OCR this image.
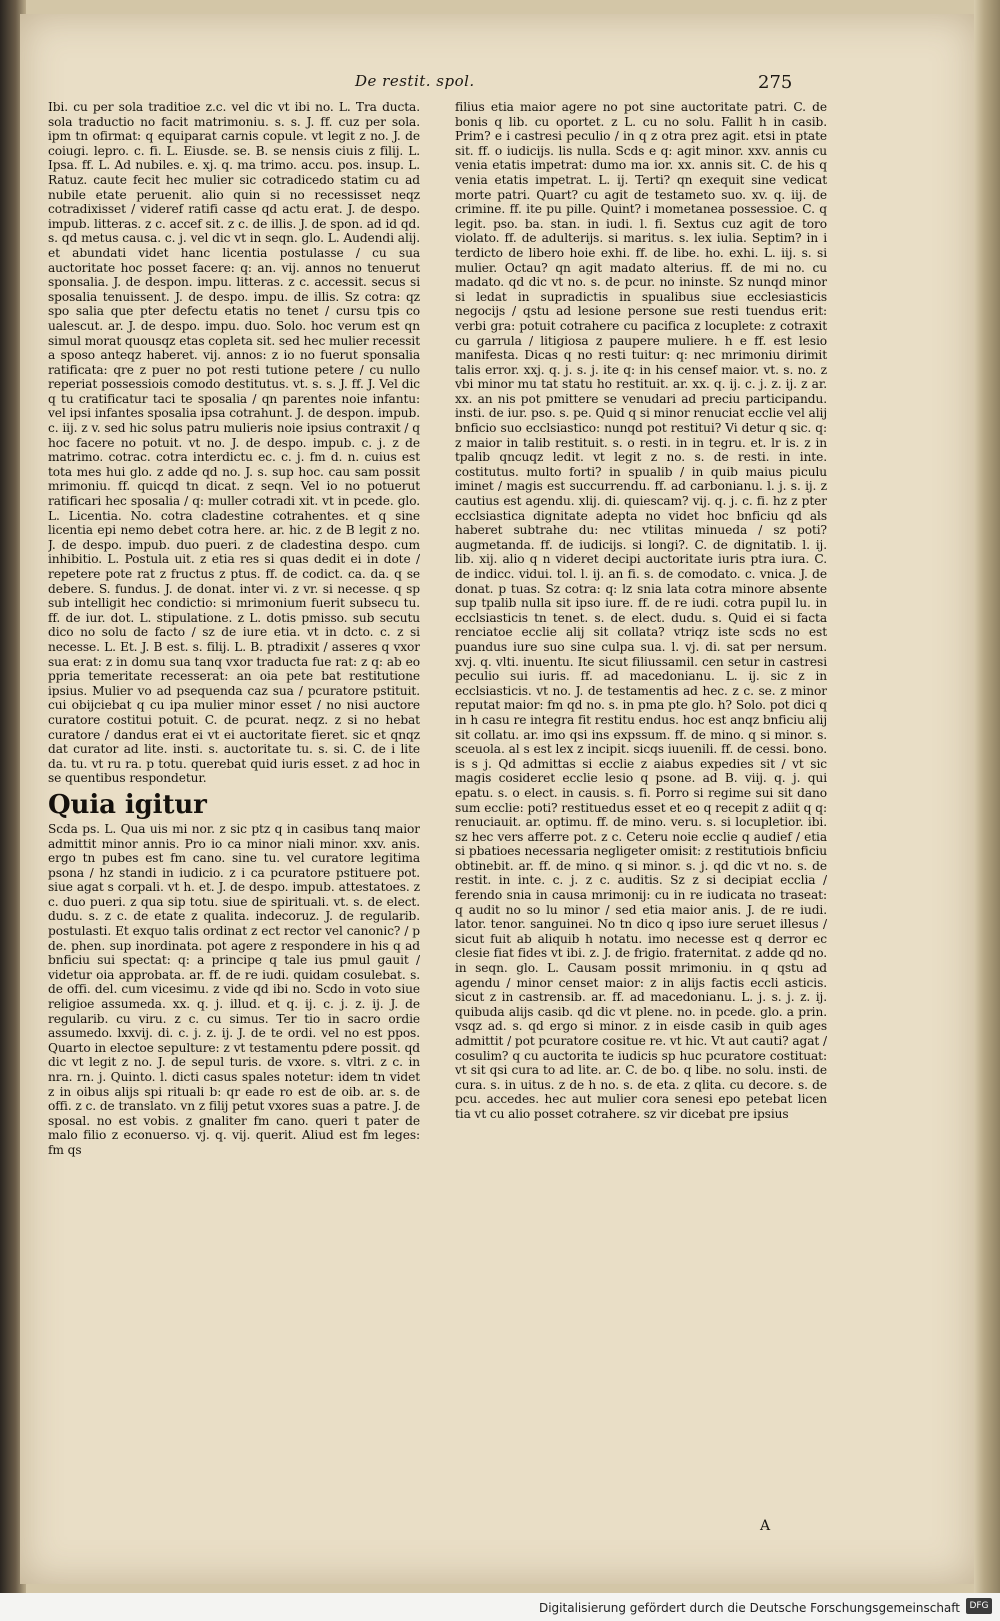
De restit. spol.	275

Ibi. cu per sola traditioe z.c. vel dic vt ibi no. L. Tra ducta. sola traductio no facit matrimoniu. s. s. J. ff. cuz per sola. ipm tn ofirmat: q equiparat carnis copule. vt legit z no. J. de coiugi. lepro. c. fi. L. Eiusde. se. B. se nensis ciuis z filij. L. Ipsa. ff. L. Ad nubiles. e. xj. q. ma trimo. accu. pos. insup. L. Ratuz. caute fecit hec mulier sic cotradicedo statim cu ad nubile etate peruenit. alio quin si no recessisset neqz cotradixisset / videref ratifi casse qd actu erat. J. de despo. impub. litteras. z c. accef sit. z c. de illis. J. de spon. ad id qd. s. qd metus causa. c. j. vel dic vt in seqn. glo. L. Audendi alij. et abundati videt hanc licentia postulasse / cu sua auctoritate hoc posset facere: q: an. vij. annos no tenuerut sponsalia. J. de despon. impu. litteras. z c. accessit. secus si sposalia tenuissent. J. de despo. impu. de illis. Sz cotra: qz spo salia que pter defectu etatis no tenet / cursu tpis co ualescut. ar. J. de despo. impu. duo. Solo. hoc verum est qn simul morat quousqz etas copleta sit. sed hec mulier recessit a sposo anteqz haberet. vij. annos: z io no fuerut sponsalia ratificata: qre z puer no pot resti tutione petere / cu nullo reperiat possessiois comodo destitutus. vt. s. s. J. ff. J. Vel dic q tu cratificatur taci te sposalia / qn parentes noie infantu: vel ipsi infantes sposalia ipsa cotrahunt. J. de despon. impub. c. iij. z v. sed hic solus patru mulieris noie ipsius contraxit / q hoc facere no potuit. vt no. J. de despo. impub. c. j. z de matrimo. cotrac. cotra interdictu ec. c. j. fm d. n. cuius est tota mes hui glo. z adde qd no. J. s. sup hoc. cau sam possit mrimoniu. ff. quicqd tn dicat. z seqn. Vel io no potuerut ratificari hec sposalia / q: muller cotradi xit. vt in pcede. glo. L. Licentia. No. cotra cladestine cotrahentes. et q sine licentia epi nemo debet cotra here. ar. hic. z de B legit z no. J. de despo. impub. duo pueri. z de cladestina despo. cum inhibitio. L. Postula uit. z etia res si quas dedit ei in dote / repetere pote rat z fructus z ptus. ff. de codict. ca. da. q se debere. S. fundus. J. de donat. inter vi. z vr. si necesse. q sp sub intelligit hec condictio: si mrimonium fuerit subsecu tu. ff. de iur. dot. L. stipulatione. z L. dotis pmisso. sub secutu dico no solu de facto / sz de iure etia. vt in dcto. c. z si necesse. L. Et. J. B est. s. filij. L. B. ptradixit / asseres q vxor sua erat: z in domu sua tanq vxor traducta fue rat: z q: ab eo ppria temeritate recesserat: an oia pete bat restitutione ipsius. Mulier vo ad psequenda caz sua / pcuratore pstituit. cui obijciebat q cu ipa mulier minor esset / no nisi auctore curatore costitui potuit. C. de pcurat. neqz. z si no hebat curatore / dandus erat ei vt ei auctoritate fieret. sic et qnqz dat curator ad lite. insti. s. auctoritate tu. s. si. C. de i lite da. tu. vt ru ra. p totu. querebat quid iuris esset. z ad hoc in se quentibus respondetur.

Quia igitur

Scda ps. L. Qua uis mi nor. z sic ptz q in casibus tanq maior admittit minor annis. Pro io ca minor niali minor. xxv. anis. ergo tn pubes est fm cano. sine tu. vel curatore legitima psona / hz standi in iudicio. z i ca pcuratore pstituere pot. siue agat s corpali. vt h. et. J. de despo. impub. attestatoes. z c. duo pueri. z qua sip totu. siue de spirituali. vt. s. de elect. dudu. s. z c. de etate z qualita. indecoruz. J. de regularib. postulasti. Et exquo talis ordinat z ect rector vel canonic? / p de. phen. sup inordinata. pot agere z respondere in his q ad bnficiu sui spectat: q: a principe q tale ius pmul gauit / videtur oia approbata. ar. ff. de re iudi. quidam cosulebat. s. de offi. del. cum vicesimu. z vide qd ibi no. Scdo in voto siue religioe assumeda. xx. q. j. illud. et q. ij. c. j. z. ij. J. de regularib. cu viru. z c. cu simus. Ter tio in sacro ordie assumedo. lxxvij. di. c. j. z. ij. J. de te ordi. vel no est ppos. Quarto in electoe sepulture: z vt testamentu pdere possit. qd dic vt legit z no. J. de sepul turis. de vxore. s. vltri. z c. in nra. rn. j. Quinto. l. dicti casus spales notetur: idem tn videt z in oibus alijs spi rituali b: qr eade ro est de oib. ar. s. de offi. z c. de translato. vn z filij petut vxores suas a patre. J. de sposal. no est vobis. z gnaliter fm cano. queri t pater de malo filio z econuerso. vj. q. vij. querit. Aliud est fm leges: fm qs

filius etia maior agere no pot sine auctoritate patri. C. de bonis q lib. cu oportet. z L. cu no solu. Fallit h in casib. Prim? e i castresi peculio / in q z otra prez agit. etsi in ptate sit. ff. o iudicijs. lis nulla. Scds e q: agit minor. xxv. annis cu venia etatis impetrat: dumo ma ior. xx. annis sit. C. de his q venia etatis impetrat. L. ij. Terti? qn exequit sine vedicat morte patri. Quart? cu agit de testameto suo. xv. q. iij. de crimine. ff. ite pu pille. Quint? i mometanea possessioe. C. q legit. pso. ba. stan. in iudi. l. fi. Sextus cuz agit de toro violato. ff. de adulterijs. si maritus. s. lex iulia. Septim? in i terdicto de libero hoie exhi. ff. de libe. ho. exhi. L. iij. s. si mulier. Octau? qn agit madato alterius. ff. de mi no. cu madato. qd dic vt no. s. de pcur. no ininste. Sz nunqd minor si ledat in supradictis in spualibus siue ecclesiasticis negocijs / qstu ad lesione persone sue resti tuendus erit: verbi gra: potuit cotrahere cu pacifica z locuplete: z cotraxit cu garrula / litigiosa z paupere muliere. h e ff. est lesio manifesta. Dicas q no resti tuitur: q: nec mrimoniu dirimit talis error. xxj. q. j. s. j. ite q: in his censef maior. vt. s. no. z vbi minor mu tat statu ho restituit. ar. xx. q. ij. c. j. z. ij. z ar. xx. an nis pot pmittere se venudari ad preciu participandu. insti. de iur. pso. s. pe. Quid q si minor renuciat ecclie vel alij bnficio suo ecclsiastico: nunqd pot restitui? Vi detur q sic. q: z maior in talib restituit. s. o resti. in in tegru. et. lr is. z in tpalib qncuqz ledit. vt legit z no. s. de resti. in inte. costitutus. multo forti? in spualib / in quib maius piculu iminet / magis est succurrendu. ff. ad carbonianu. l. j. s. ij. z cautius est agendu. xlij. di. quiescam? vij. q. j. c. fi. hz z pter ecclsiastica dignitate adepta no videt hoc bnficiu qd als haberet subtrahe du: nec vtilitas minueda / sz poti? augmetanda. ff. de iudicijs. si longi?. C. de dignitatib. l. ij. lib. xij. alio q n videret decipi auctoritate iuris ptra iura. C. de indicc. vidui. tol. l. ij. an fi. s. de comodato. c. vnica. J. de donat. p tuas. Sz cotra: q: lz snia lata cotra minore absente sup tpalib nulla sit ipso iure. ff. de re iudi. cotra pupil lu. in ecclsiasticis tn tenet. s. de elect. dudu. s. Quid ei si facta renciatoe ecclie alij sit collata? vtriqz iste scds no est puandus iure suo sine culpa sua. l. vj. di. sat per nersum. xvj. q. vlti. inuentu. Ite sicut filiussamil. cen setur in castresi peculio sui iuris. ff. ad macedonianu. L. ij. sic z in ecclsiasticis. vt no. J. de testamentis ad hec. z c. se. z minor reputat maior: fm qd no. s. in pma pte glo. h? Solo. pot dici q in h casu re integra fit restitu endus. hoc est anqz bnficiu alij sit collatu. ar. imo qsi ins expssum. ff. de mino. q si minor. s. sceuola. al s est lex z incipit. sicqs iuuenili. ff. de cessi. bono. is s j. Qd admittas si ecclie z aiabus expedies sit / vt sic magis cosideret ecclie lesio q psone. ad B. viij. q. j. qui epatu. s. o elect. in causis. s. fi. Porro si regime sui sit dano sum ecclie: poti? restituedus esset et eo q recepit z adiit q q: renuciauit. ar. optimu. ff. de mino. veru. s. si locupletior. ibi. sz hec vers afferre pot. z c. Ceteru noie ecclie q audief / etia si pbatioes necessaria negligeter omisit: z restitutiois bnficiu obtinebit. ar. ff. de mino. q si minor. s. j. qd dic vt no. s. de restit. in inte. c. j. z c. auditis. Sz z si decipiat ecclia / ferendo snia in causa mrimonij: cu in re iudicata no traseat: q audit no so lu minor / sed etia maior anis. J. de re iudi. lator. tenor. sanguinei. No tn dico q ipso iure seruet illesus / sicut fuit ab aliquib h notatu. imo necesse est q derror ec clesie fiat fides vt ibi. z. J. de frigio. fraternitat. z adde qd no. in seqn. glo. L. Causam possit mrimoniu. in q qstu ad agendu / minor censet maior: z in alijs factis eccli asticis. sicut z in castrensib. ar. ff. ad macedonianu. L. j. s. j. z. ij. quibuda alijs casib. qd dic vt plene. no. in pcede. glo. a prin. vsqz ad. s. qd ergo si minor. z in eisde casib in quib ages admittit / pot pcuratore cositue re. vt hic. Vt aut cauti? agat / cosulim? q cu auctorita te iudicis sp huc pcuratore costituat: vt sit qsi cura to ad lite. ar. C. de bo. q libe. no solu. insti. de cura. s. in uitus. z de h no. s. de eta. z qlita. cu decore. s. de pcu. accedes. hec aut mulier cora senesi epo petebat licen tia vt cu alio posset cotrahere. sz vir dicebat pre ipsius

A
Digitalisierung gefördert durch die Deutsche Forschungsgemeinschaft	DFG
